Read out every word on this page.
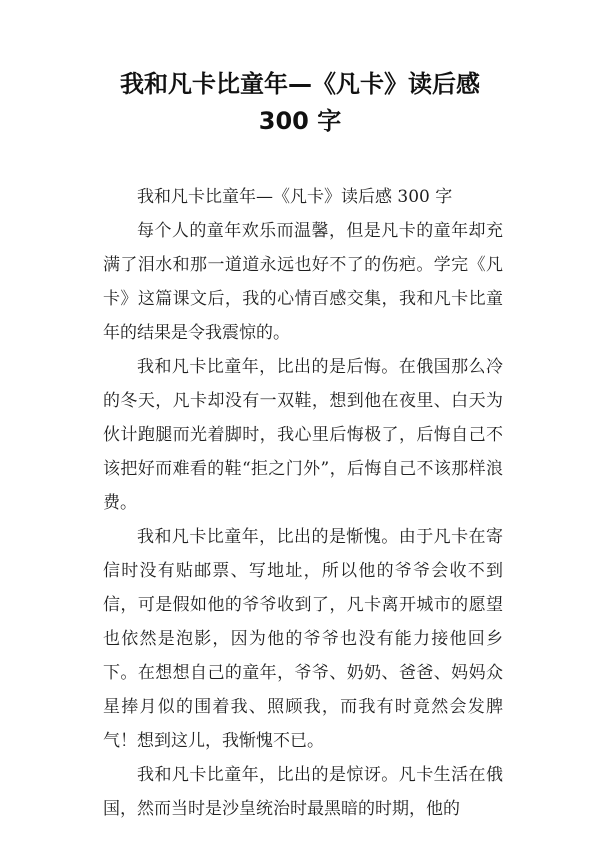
我和凡卡比童年—《凡卡》读后感
300 字

我和凡卡比童年—《凡卡》读后感 300 字

每个人的童年欢乐而温馨，但是凡卡的童年却充满了泪水和那一道道永远也好不了的伤疤。学完《凡卡》这篇课文后，我的心情百感交集，我和凡卡比童年的结果是令我震惊的。

我和凡卡比童年，比出的是后悔。在俄国那么冷的冬天，凡卡却没有一双鞋，想到他在夜里、白天为伙计跑腿而光着脚时，我心里后悔极了，后悔自己不该把好而难看的鞋“拒之门外”，后悔自己不该那样浪费。

我和凡卡比童年，比出的是惭愧。由于凡卡在寄信时没有贴邮票、写地址，所以他的爷爷会收不到信，可是假如他的爷爷收到了，凡卡离开城市的愿望也依然是泡影，因为他的爷爷也没有能力接他回乡下。在想想自己的童年，爷爷、奶奶、爸爸、妈妈众星捧月似的围着我、照顾我，而我有时竟然会发脾气！想到这儿，我惭愧不已。

我和凡卡比童年，比出的是惊讶。凡卡生活在俄国，然而当时是沙皇统治时最黑暗的时期，他的
